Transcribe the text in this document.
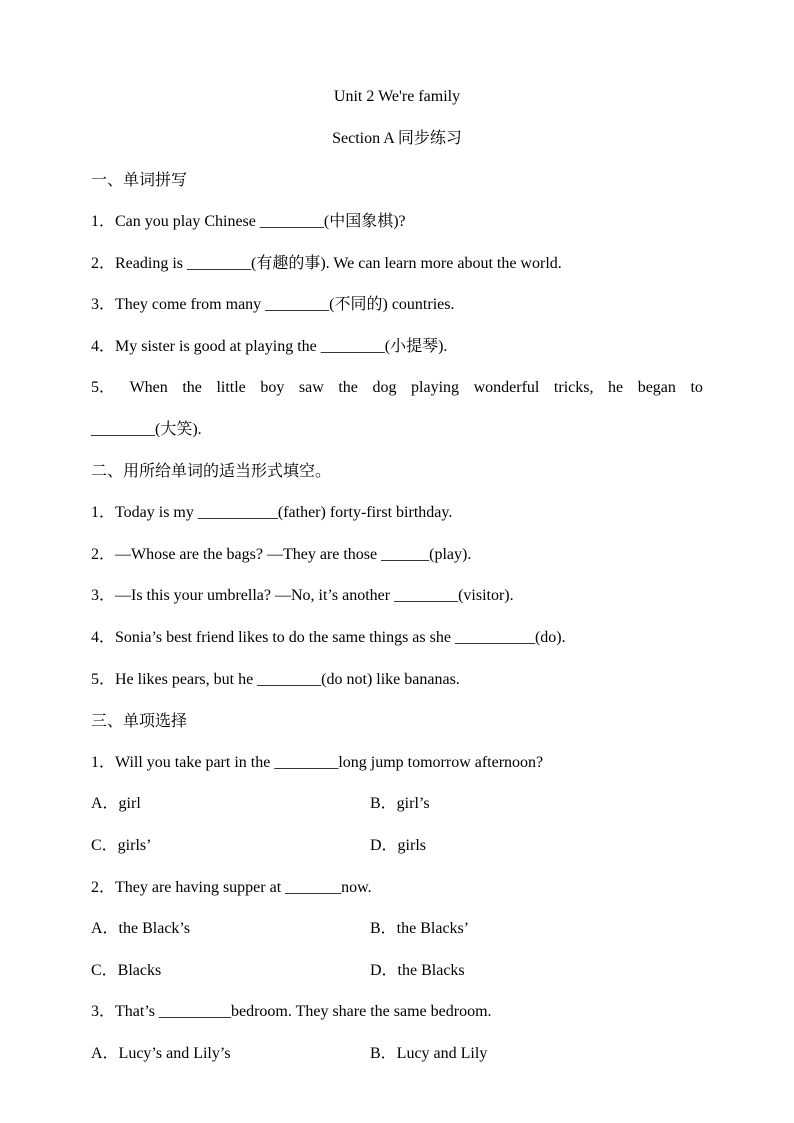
Unit 2 We're family
Section A 同步练习
一、单词拼写
1．Can you play Chinese ________(中国象棋)?
2．Reading is ________(有趣的事). We can learn more about the world.
3．They come from many ________(不同的) countries.
4．My sister is good at playing the ________(小提琴).
5． When the little boy saw the dog playing wonderful tricks, he began to
________(大笑).
二、用所给单词的适当形式填空。
1．Today is my __________(father) forty-first birthday.
2．—Whose are the bags? —They are those ______(play).
3．—Is this your umbrella? —No, it’s another ________(visitor).
4．Sonia’s best friend likes to do the same things as she __________(do).
5．He likes pears, but he ________(do not) like bananas.
三、单项选择
1．Will you take part in the ________long jump tomorrow afternoon?
A．girl	B．girl’s
C．girls’	D．girls
2．They are having supper at _______now.
A．the Black’s	B．the Blacks’
C．Blacks	D．the Blacks
3．That’s _________bedroom. They share the same bedroom.
A．Lucy’s and Lily’s	B．Lucy and Lily
